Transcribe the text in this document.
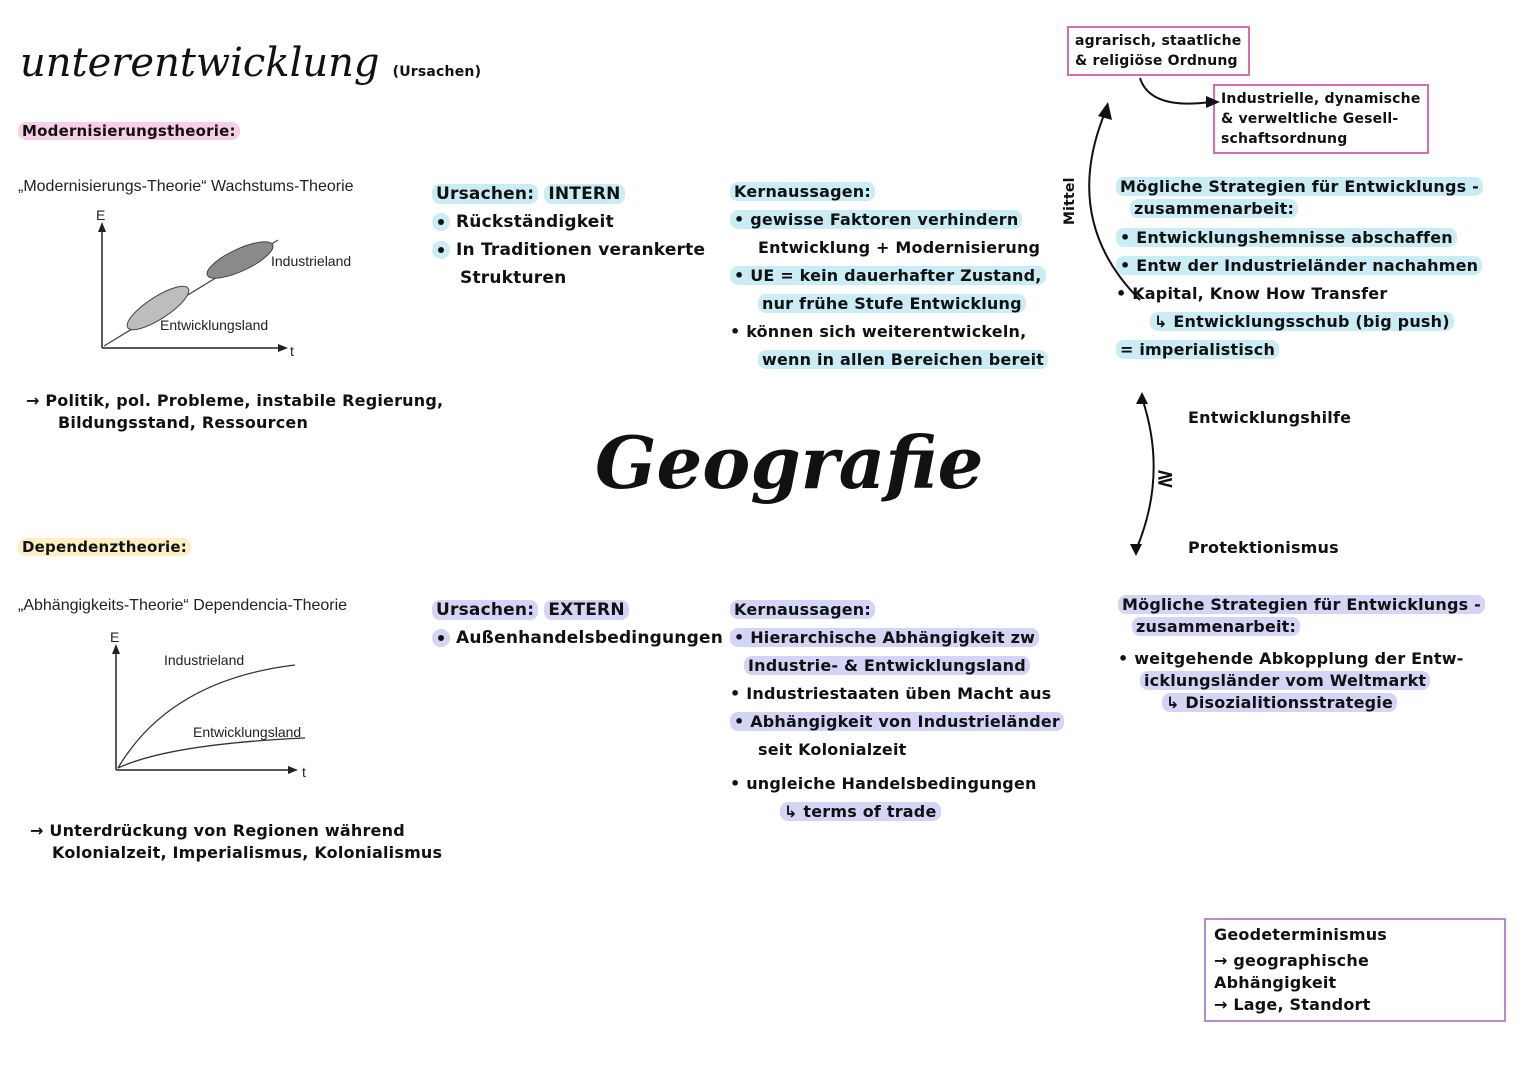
unterentwicklung (Ursachen)
Geografie
Modernisierungstheorie:
„Modernisierungs-Theorie“ Wachstums-Theorie
E
t
Industrieland
Entwicklungsland
→ Politik, pol. Probleme, instabile Regierung,
Bildungsstand, Ressourcen
Ursachen: INTERN
Rückständigkeit
In Traditionen verankerte
Strukturen
Kernaussagen:
• gewisse Faktoren verhindern
Entwicklung + Modernisierung
• UE = kein dauerhafter Zustand,
nur frühe Stufe Entwicklung
• können sich weiterentwickeln,
wenn in allen Bereichen bereit
Dependenztheorie:
„Abhängigkeits-Theorie“ Dependencia-Theorie
E
t
Industrieland
Entwicklungsland
→ Unterdrückung von Regionen während
Kolonialzeit, Imperialismus, Kolonialismus
Ursachen: EXTERN
Außenhandelsbedingungen
Kernaussagen:
• Hierarchische Abhängigkeit zw
Industrie- & Entwicklungsland
• Industriestaaten üben Macht aus
• Abhängigkeit von Industrieländer
seit Kolonialzeit
• ungleiche Handelsbedingungen
↳ terms of trade
agrarisch, staatliche
& religiöse Ordnung
Industrielle, dynamische
& verweltliche Gesell-
schaftsordnung
Mittel	Mögliche Strategien für Entwicklungs -
zusammenarbeit:
• Entwicklungshemnisse abschaffen
• Entw der Industrieländer nachahmen
• Kapital, Know How Transfer
↳ Entwicklungsschub (big push)
= imperialistisch
≷
Entwicklungshilfe
Protektionismus
Mögliche Strategien für Entwicklungs -
zusammenarbeit:
• weitgehende Abkopplung der Entw-
icklungsländer vom Weltmarkt
↳ Disozialitionsstrategie
Geodeterminismus
→ geographische Abhängigkeit
→ Lage, Standort
